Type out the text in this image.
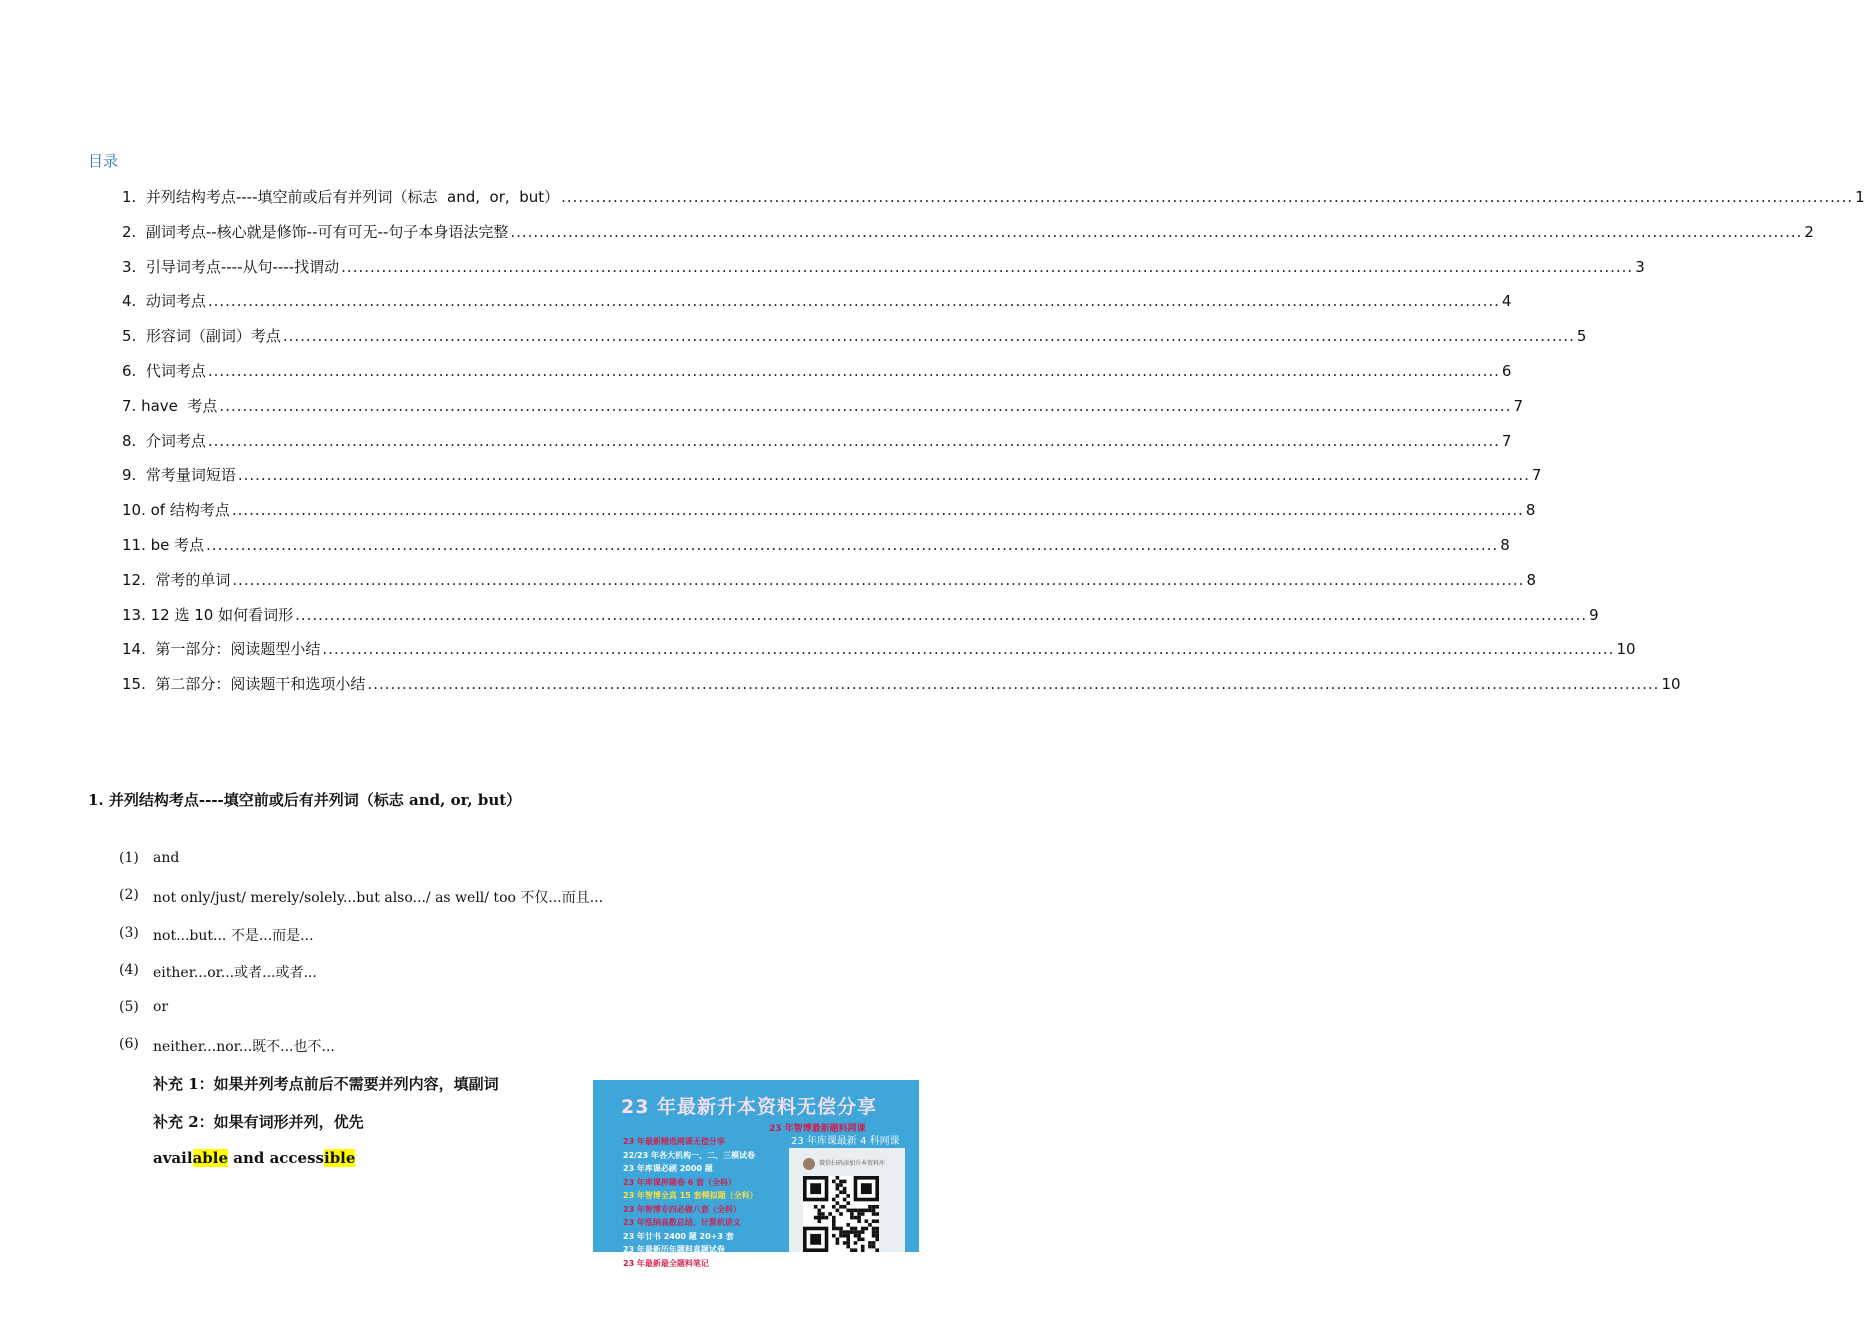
目录
1.  并列结构考点----填空前或后有并列词（标志  and,  or,  but） .....	1
2.  副词考点--核心就是修饰--可有可无--句子本身语法完整 .....	2
3.  引导词考点----从句----找谓动 .....	3
4.  动词考点 .....	4
5.  形容词（副词）考点 .....	5
6.  代词考点 .....	6
7. have  考点 .....	7
8.  介词考点 .....	7
9.  常考量词短语 .....	7
10. of 结构考点 .....	8
11. be 考点 .....	8
12.  常考的单词 .....	8
13. 12 选 10 如何看词形 .....	9
14.  第一部分：阅读题型小结 .....	10
15.  第二部分：阅读题干和选项小结 .....	10
1. 并列结构考点----填空前或后有并列词（标志 and, or, but）
(1)	and
(2)	not only/just/ merely/solely...but also.../ as well/ too 不仅...而且...
(3)	not...but... 不是...而是...
(4)	either...or...或者...或者...
(5)	or
(6)	neither...nor...既不...也不...
补充 1：如果并列考点前后不需要并列内容，填副词
补充 2：如果有词形并列，优先
available and accessible
23 年最新升本资料无偿分享
23 年智博最新题料网课
23 年最新精选网课无偿分享
22/23 年各大机构一、二、三模试卷
23 年库课必刷 2000 题
23 年库课押题卷 6 套（全科）
23 年智博全真 15 套模拟题（全科）
23 年智博专四必做八套（全科）
23 年泓纳高数总结、计算机讲义
23 年廿书 2400 题 20+3 套
23 年最新历年题料真题试卷
23 年最新最全题料笔记
23 年库课最新 4 科网课
微信扫码添加升本资料库
